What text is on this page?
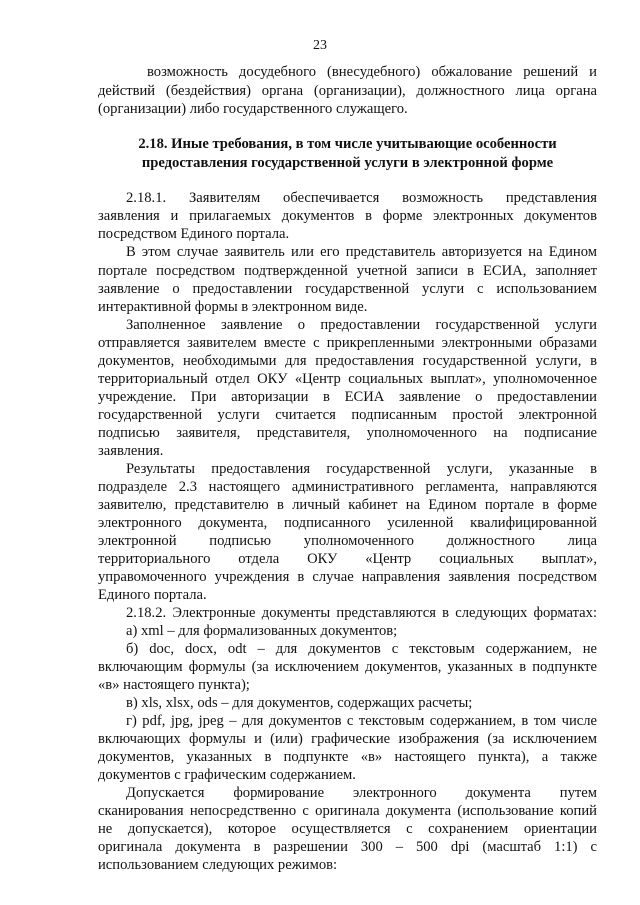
23
возможность досудебного (внесудебного) обжалование решений и
действий (бездействия) органа (организации), должностного лица органа
(организации) либо государственного служащего.
2.18. Иные требования, в том числе учитывающие особенности
предоставления государственной услуги в электронной форме
2.18.1. Заявителям обеспечивается возможность представления
заявления и прилагаемых документов в форме электронных документов
посредством Единого портала.
В этом случае заявитель или его представитель авторизуется на Едином
портале посредством подтвержденной учетной записи в ЕСИА, заполняет
заявление о предоставлении государственной услуги с использованием
интерактивной формы в электронном виде.
Заполненное заявление о предоставлении государственной услуги
отправляется заявителем вместе с прикрепленными электронными образами
документов, необходимыми для предоставления государственной услуги, в
территориальный отдел ОКУ «Центр социальных выплат», уполномоченное
учреждение. При авторизации в ЕСИА заявление о предоставлении
государственной услуги считается подписанным простой электронной
подписью заявителя, представителя, уполномоченного на подписание
заявления.
Результаты предоставления государственной услуги, указанные в
подразделе 2.3 настоящего административного регламента, направляются
заявителю, представителю в личный кабинет на Едином портале в форме
электронного документа, подписанного усиленной квалифицированной
электронной подписью уполномоченного должностного лица
территориального отдела ОКУ «Центр социальных выплат»,
управомоченного учреждения в случае направления заявления посредством
Единого портала.
2.18.2. Электронные документы представляются в следующих форматах:
а) xml – для формализованных документов;
б) doc, docx, odt – для документов с текстовым содержанием, не
включающим формулы (за исключением документов, указанных в подпункте
«в» настоящего пункта);
в) xls, xlsx, ods – для документов, содержащих расчеты;
г) pdf, jpg, jpeg – для документов с текстовым содержанием, в том числе
включающих формулы и (или) графические изображения (за исключением
документов, указанных в подпункте «в» настоящего пункта), а также
документов с графическим содержанием.
Допускается формирование электронного документа путем
сканирования непосредственно с оригинала документа (использование копий
не допускается), которое осуществляется с сохранением ориентации
оригинала документа в разрешении 300 – 500 dpi (масштаб 1:1) с
использованием следующих режимов:
